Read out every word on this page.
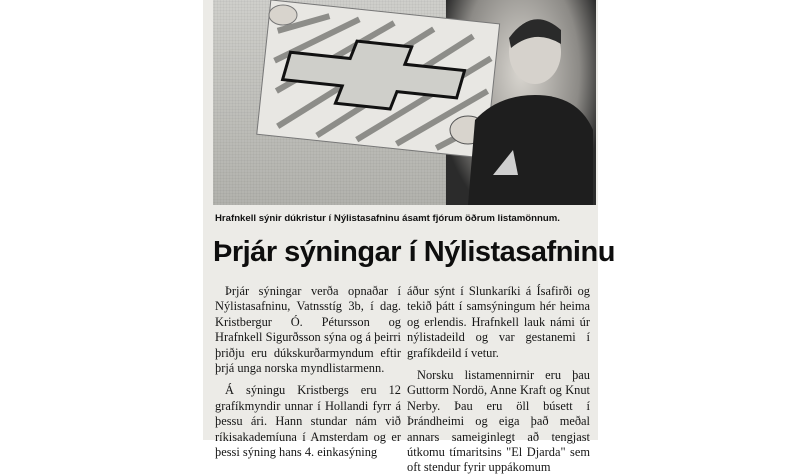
Hrafnkell sýnir dúkristur í Nýlistasafninu ásamt fjórum öðrum listamönnum.
Þrjár sýningar í Nýlistasafninu

Þrjár sýningar verða opnaðar í Nýlistasafninu, Vatnsstíg 3b, í dag. Kristbergur Ó. Pétursson og Hrafnkell Sigurðsson sýna og á þeirri þriðju eru dúkskurðarmyndum eftir þrjá unga norska myndlistarmenn.

Á sýningu Kristbergs eru 12 grafíkmyndir unnar í Hollandi fyrr á þessu ári. Hann stundar nám við ríkisakademíuna í Amsterdam og er þessi sýning hans 4. einkasýning

áður sýnt í Slunkaríki á Ísafirði og tekið þátt í samsýningum hér heima og erlendis. Hrafnkell lauk námi úr nýlistadeild og var gestanemi í grafíkdeild í vetur.

Norsku listamennirnir eru þau Guttorm Nordö, Anne Kraft og Knut Nerby. Þau eru öll búsett í Þrándheimi og eiga það meðal annars sameiginlegt að tengjast útkomu tímaritsins "El Djarda" sem oft stendur fyrir uppákomum
